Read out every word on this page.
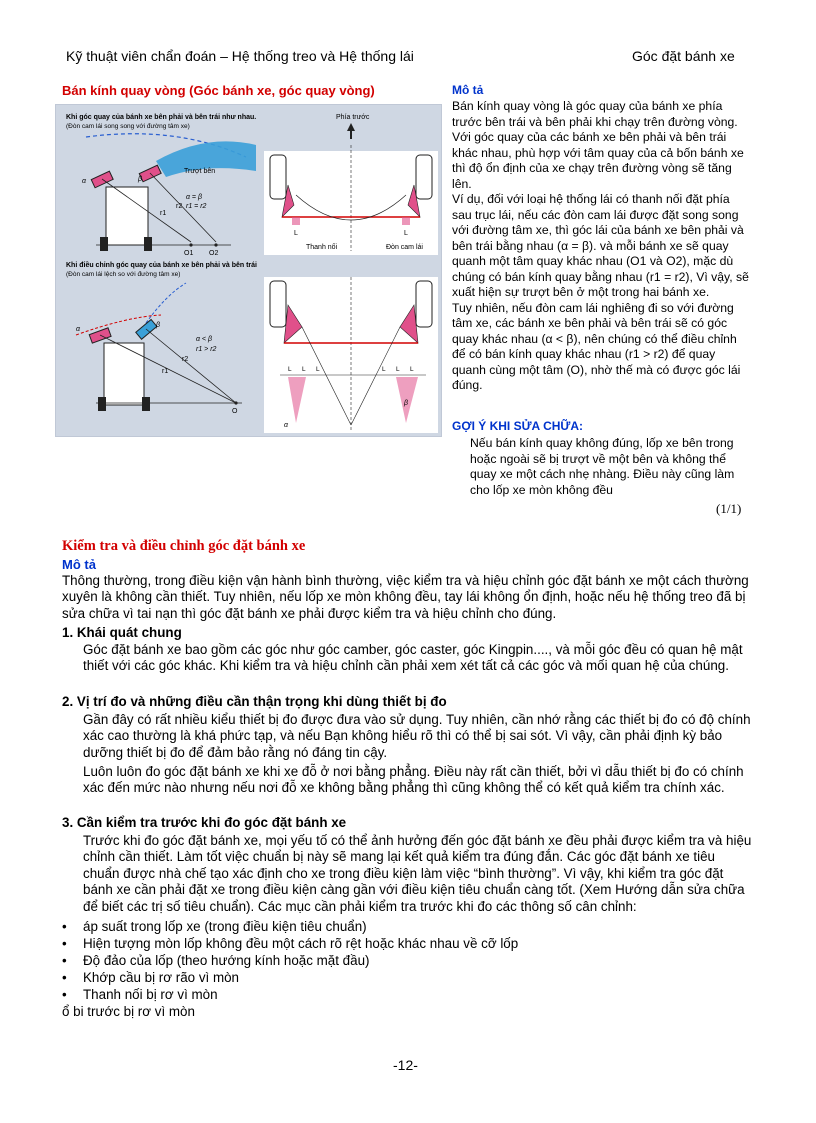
Kỹ thuật viên chẩn đoán – Hệ thống treo và Hệ thống lái	Góc đặt bánh xe
Bán kính quay vòng (Góc bánh xe, góc quay vòng)
Khi góc quay của bánh xe bên phải và bên trái như nhau.
(Đòn cam lái song song với đường tâm xe)
Khi điều chỉnh góc quay của bánh xe bên phải và bên trái
(Đòn cam lái lệch so với đường tâm xe)
Trượt bên
α = β
r1 = r2
r2
r1
α	β
O1 O2
Phía trước
L	L
Thanh nối	Đòn cam lái
α < β
r1 > r2
r2
r1
α
β
O
L L L	L L L
α
β
Mô tả

Bán kính quay vòng là góc quay của bánh xe phía trước bên trái và bên phải khi chạy trên đường vòng. Với góc quay của các bánh xe bên phải và bên trái khác nhau, phù hợp với tâm quay của cả bốn bánh xe thì độ ổn định của xe chạy trên đường vòng sẽ tăng lên.

Ví dụ, đối với loại hệ thống lái có thanh nối đặt phía sau trục lái, nếu các đòn cam lái được đặt song song với đường tâm xe, thì góc lái của bánh xe bên phải và bên trái bằng nhau (α = β). và mỗi bánh xe sẽ quay quanh một tâm quay khác nhau (O1 và O2), mặc dù chúng có bán kính quay bằng nhau (r1 = r2), Vì vậy, sẽ xuất hiện sự trượt bên ở một trong hai bánh xe.

Tuy nhiên, nếu đòn cam lái nghiêng đi so với đường tâm xe, các bánh xe bên phải và bên trái sẽ có góc quay khác nhau (α < β), nên chúng có thể điều chỉnh để có bán kính quay khác nhau (r1 > r2) để quay quanh cùng một tâm (O), nhờ thế mà có được góc lái đúng.

GỢI Ý KHI SỬA CHỮA:
Nếu bán kính quay không đúng, lốp xe bên trong hoặc ngoài sẽ bị trượt về một bên và không thể quay xe một cách nhẹ nhàng. Điều này cũng làm cho lốp xe mòn không đều
(1/1)
Kiểm tra và điều chỉnh góc đặt bánh xe
Mô tả
Thông thường, trong điều kiện vận hành bình thường, việc kiểm tra và hiệu chỉnh góc đặt bánh xe một cách thường xuyên là không cần thiết. Tuy nhiên, nếu lốp xe mòn không đều, tay lái không ổn định, hoặc nếu hệ thống treo đã bị sửa chữa vì tai nạn thì góc đặt bánh xe phải được kiểm tra và hiệu chỉnh cho đúng.
1. Khái quát chung
Góc đặt bánh xe bao gồm các góc như góc camber, góc caster, góc Kingpin...., và mỗi góc đều có quan hệ mật thiết với các góc khác. Khi kiểm tra và hiệu chỉnh cần phải xem xét tất cả các góc và mối quan hệ của chúng.
2. Vị trí đo và những điều cần thận trọng khi dùng thiết bị đo
Gần đây có rất nhiều kiểu thiết bị đo được đưa vào sử dụng. Tuy nhiên, cần nhớ rằng các thiết bị đo có độ chính xác cao thường là khá phức tạp, và nếu Bạn không hiểu rõ thì có thể bị sai sót. Vì vậy, cần phải định kỳ bảo dưỡng thiết bị đo để đảm bảo rằng nó đáng tin cậy.
Luôn luôn đo góc đặt bánh xe khi xe đỗ ở nơi bằng phẳng. Điều này rất cần thiết, bởi vì dẫu thiết bị đo có chính xác đến mức nào nhưng nếu nơi đỗ xe không bằng phẳng thì cũng không thể có kết quả kiểm tra chính xác.
3. Cần kiểm tra trước khi đo góc đặt bánh xe
Trước khi đo góc đặt bánh xe, mọi yếu tố có thể ảnh hưởng đến góc đặt bánh xe đều phải được kiểm tra và hiệu chỉnh cần thiết. Làm tốt việc chuẩn bị này sẽ mang lại kết quả kiểm tra đúng đắn. Các góc đặt bánh xe tiêu chuẩn được nhà chế tạo xác định cho xe trong điều kiện làm việc “bình thường”. Vì vậy, khi kiểm tra góc đặt bánh xe cần phải đặt xe trong điều kiện càng gần với điều kiện tiêu chuẩn càng tốt. (Xem Hướng dẫn sửa chữa để biết các trị số tiêu chuẩn). Các mục cần phải kiểm tra trước khi đo các thông số cân chỉnh:
• áp suất trong lốp xe (trong điều kiện tiêu chuẩn)
• Hiện tượng mòn lốp không đều một cách rõ rệt hoặc khác nhau về cỡ lốp
• Độ đảo của lốp (theo hướng kính hoặc mặt đầu)
• Khớp cầu bị rơ rão vì mòn
• Thanh nối bị rơ vì mòn
ổ bi trước bị rơ vì mòn
-12-
